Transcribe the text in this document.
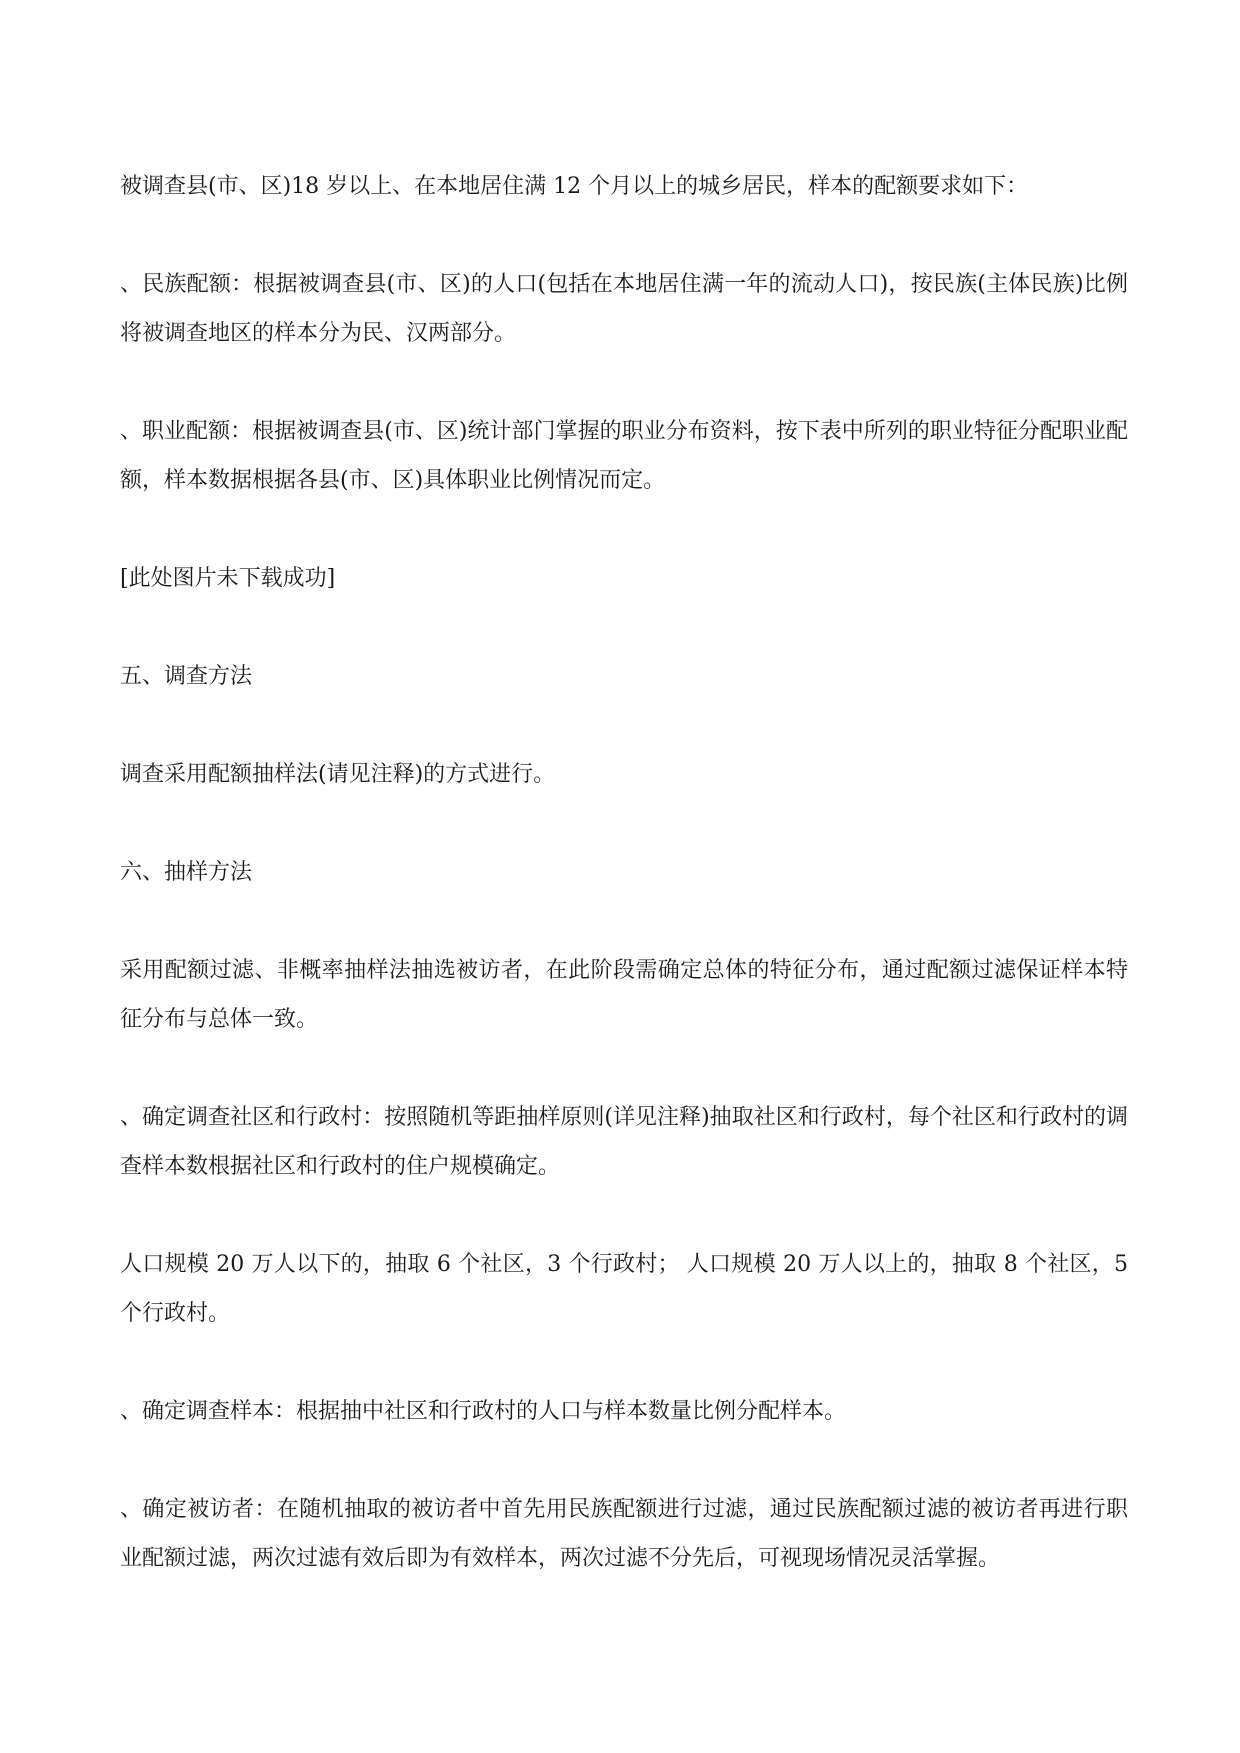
被调查县(市、区)18 岁以上、在本地居住满 12 个月以上的城乡居民，样本的配额要求如下：

、民族配额：根据被调查县(市、区)的人口(包括在本地居住满一年的流动人口)，按民族(主体民族)比例将被调查地区的样本分为民、汉两部分。

、职业配额：根据被调查县(市、区)统计部门掌握的职业分布资料，按下表中所列的职业特征分配职业配额，样本数据根据各县(市、区)具体职业比例情况而定。

[此处图片未下载成功]

五、调查方法

调查采用配额抽样法(请见注释)的方式进行。

六、抽样方法

采用配额过滤、非概率抽样法抽选被访者，在此阶段需确定总体的特征分布，通过配额过滤保证样本特征分布与总体一致。

、确定调查社区和行政村：按照随机等距抽样原则(详见注释)抽取社区和行政村，每个社区和行政村的调查样本数根据社区和行政村的住户规模确定。

人口规模 20 万人以下的，抽取 6 个社区，3 个行政村； 人口规模 20 万人以上的，抽取 8 个社区，5 个行政村。

、确定调查样本：根据抽中社区和行政村的人口与样本数量比例分配样本。

、确定被访者：在随机抽取的被访者中首先用民族配额进行过滤，通过民族配额过滤的被访者再进行职业配额过滤，两次过滤有效后即为有效样本，两次过滤不分先后，可视现场情况灵活掌握。
